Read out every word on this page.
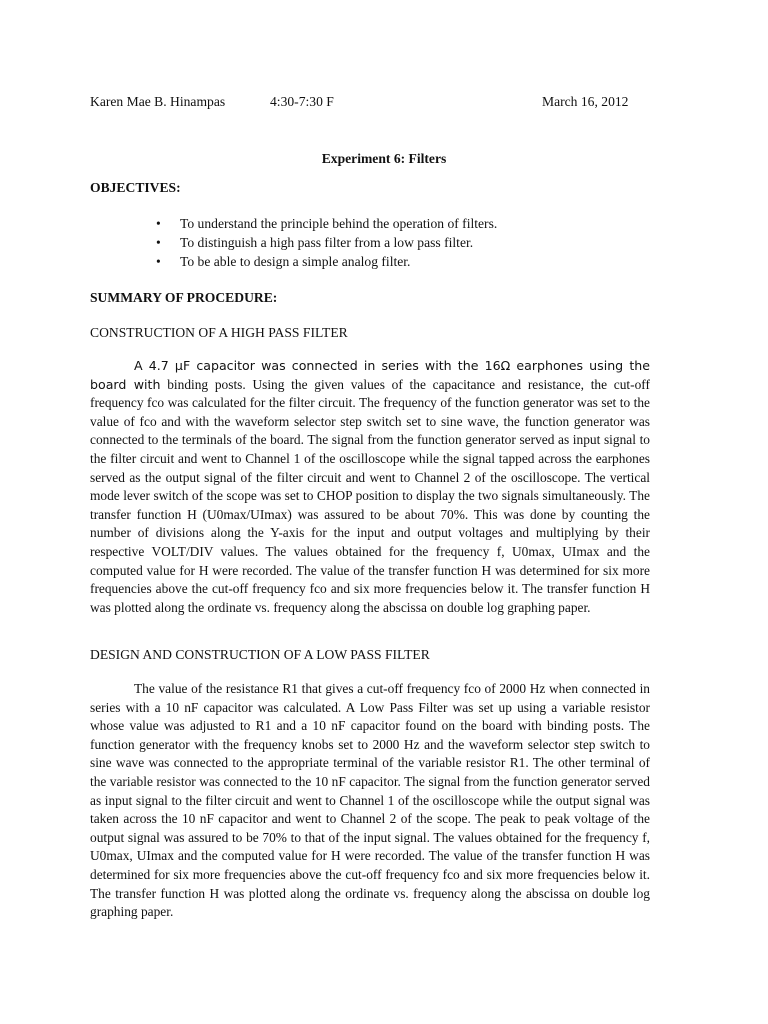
Karen Mae B. Hinampas	4:30-7:30 F	March 16, 2012
Experiment 6: Filters
OBJECTIVES:
• To understand the principle behind the operation of filters.
• To distinguish a high pass filter from a low pass filter.
• To be able to design a simple analog filter.
SUMMARY OF PROCEDURE:
CONSTRUCTION OF A HIGH PASS FILTER
A 4.7 μF capacitor was connected in series with the 16Ω earphones using the board with binding posts. Using the given values of the capacitance and resistance, the cut-off frequency fco was calculated for the filter circuit. The frequency of the function generator was set to the value of fco and with the waveform selector step switch set to sine wave, the function generator was connected to the terminals of the board. The signal from the function generator served as input signal to the filter circuit and went to Channel 1 of the oscilloscope while the signal tapped across the earphones served as the output signal of the filter circuit and went to Channel 2 of the oscilloscope. The vertical mode lever switch of the scope was set to CHOP position to display the two signals simultaneously. The transfer function H (U0max/UImax) was assured to be about 70%. This was done by counting the number of divisions along the Y-axis for the input and output voltages and multiplying by their respective VOLT/DIV values. The values obtained for the frequency f, U0max, UImax and the computed value for H were recorded. The value of the transfer function H was determined for six more frequencies above the cut-off frequency fco and six more frequencies below it. The transfer function H was plotted along the ordinate vs. frequency along the abscissa on double log graphing paper.
DESIGN AND CONSTRUCTION OF A LOW PASS FILTER
The value of the resistance R1 that gives a cut-off frequency fco of 2000 Hz when connected in series with a 10 nF capacitor was calculated. A Low Pass Filter was set up using a variable resistor whose value was adjusted to R1 and a 10 nF capacitor found on the board with binding posts. The function generator with the frequency knobs set to 2000 Hz and the waveform selector step switch to sine wave was connected to the appropriate terminal of the variable resistor R1. The other terminal of the variable resistor was connected to the 10 nF capacitor. The signal from the function generator served as input signal to the filter circuit and went to Channel 1 of the oscilloscope while the output signal was taken across the 10 nF capacitor and went to Channel 2 of the scope. The peak to peak voltage of the output signal was assured to be 70% to that of the input signal. The values obtained for the frequency f, U0max, UImax and the computed value for H were recorded. The value of the transfer function H was determined for six more frequencies above the cut-off frequency fco and six more frequencies below it. The transfer function H was plotted along the ordinate vs. frequency along the abscissa on double log graphing paper.
